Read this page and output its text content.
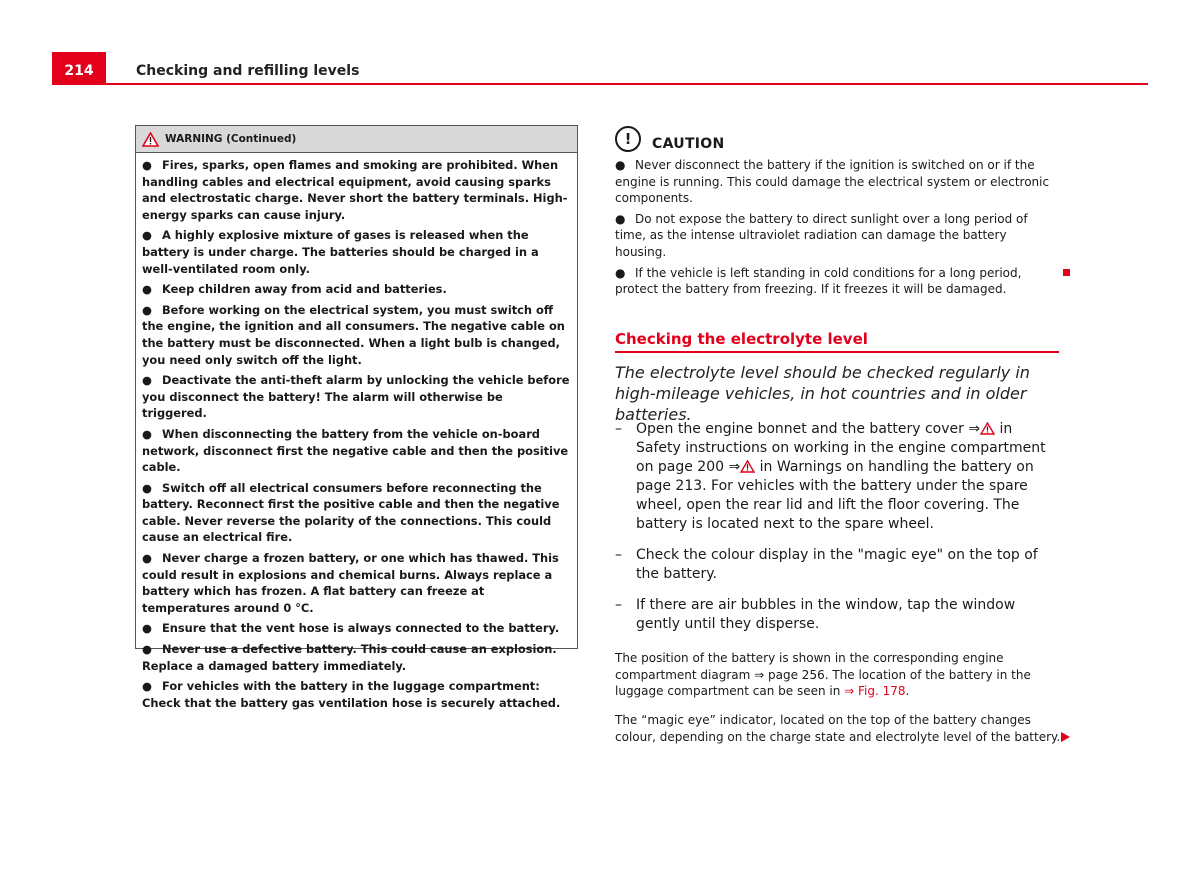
214	Checking and refilling levels
WARNING (Continued)

● Fires, sparks, open flames and smoking are prohibited. When handling cables and electrical equipment, avoid causing sparks and electrostatic charge. Never short the battery terminals. High-energy sparks can cause injury.

● A highly explosive mixture of gases is released when the battery is under charge. The batteries should be charged in a well-ventilated room only.

● Keep children away from acid and batteries.

● Before working on the electrical system, you must switch off the engine, the ignition and all consumers. The negative cable on the battery must be disconnected. When a light bulb is changed, you need only switch off the light.

● Deactivate the anti-theft alarm by unlocking the vehicle before you disconnect the battery! The alarm will otherwise be triggered.

● When disconnecting the battery from the vehicle on-board network, disconnect first the negative cable and then the positive cable.

● Switch off all electrical consumers before reconnecting the battery. Reconnect first the positive cable and then the negative cable. Never reverse the polarity of the connections. This could cause an electrical fire.

● Never charge a frozen battery, or one which has thawed. This could result in explosions and chemical burns. Always replace a battery which has frozen. A flat battery can freeze at temperatures around 0 °C.

● Ensure that the vent hose is always connected to the battery.

● Never use a defective battery. This could cause an explosion. Replace a damaged battery immediately.

● For vehicles with the battery in the luggage compartment: Check that the battery gas ventilation hose is securely attached.

!	CAUTION

● Never disconnect the battery if the ignition is switched on or if the engine is running. This could damage the electrical system or electronic components.

● Do not expose the battery to direct sunlight over a long period of time, as the intense ultraviolet radiation can damage the battery housing.

● If the vehicle is left standing in cold conditions for a long period, protect the battery from freezing. If it freezes it will be damaged.

Checking the electrolyte level
The electrolyte level should be checked regularly in high-mileage vehicles, in hot countries and in older batteries.
–	Open the engine bonnet and the battery cover ⇒ in Safety instructions on working in the engine compartment on page 200 ⇒ in Warnings on handling the battery on page 213. For vehicles with the battery under the spare wheel, open the rear lid and lift the floor covering. The battery is located next to the spare wheel.
–	Check the colour display in the "magic eye" on the top of the battery.
–	If there are air bubbles in the window, tap the window gently until they disperse.

The position of the battery is shown in the corresponding engine compartment diagram ⇒ page 256. The location of the battery in the luggage compartment can be seen in ⇒ Fig. 178.

The “magic eye” indicator, located on the top of the battery changes colour, depending on the charge state and electrolyte level of the battery.
